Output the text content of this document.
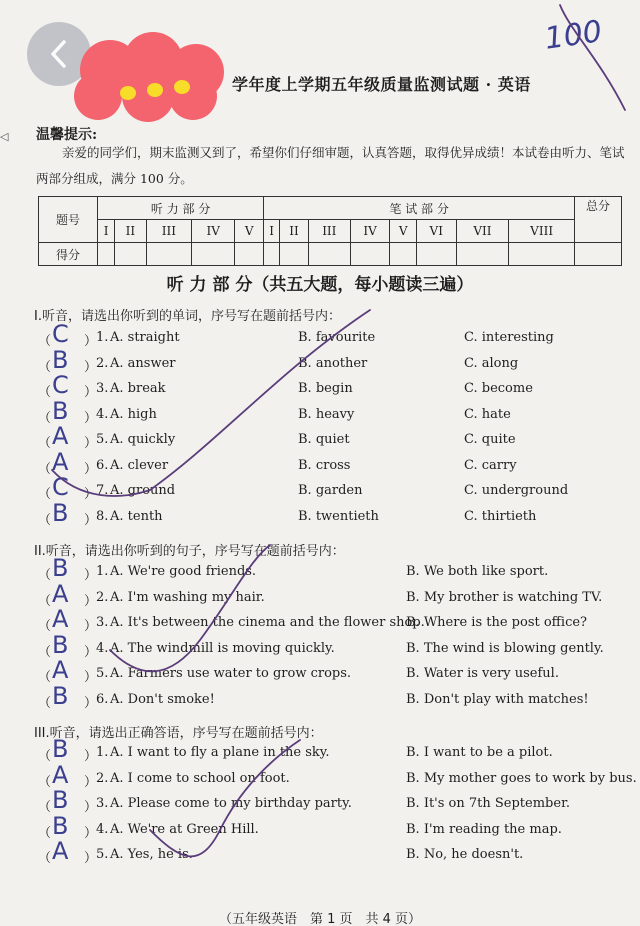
学年度上学期五年级质量监测试题 · 英语
100
◁	温馨提示:
亲爱的同学们，期末监测又到了，希望你们仔细审题，认真答题，取得优异成绩！本试卷由听力、笔试两部分组成，满分 100 分。
题号	听 力 部 分					笔 试 部 分								总分
	I	II	III	IV	V	I	II	III	IV	V	VI	VII	VIII	
得分														
听 力 部 分（共五大题，每小题读三遍）
I.听音，请选出你听到的单词，序号写在题前括号内：
（ C ）
1. A. straight	B. favourite	C. interesting
（ B ）
2. A. answer	B. another	C. along
（ C ）
3. A. break	B. begin	C. become
（ B ）
4. A. high	B. heavy	C. hate
（ A ）
5. A. quickly	B. quiet	C. quite
（ A ）
6. A. clever	B. cross	C. carry
（ C ）
7. A. ground	B. garden	C. underground
（ B ）
8. A. tenth	B. twentieth	C. thirtieth
II.听音，请选出你听到的句子，序号写在题前括号内：
（ B ）
1. A. We're good friends.	B. We both like sport.
（ A ）
2. A. I'm washing my hair.	B. My brother is watching TV.
（ A ）
3. A. It's between the cinema and the flower shop.
B. Where is the post office?
（ B ）
4. A. The windmill is moving quickly.	B. The wind is blowing gently.
（ A ）
5. A. Farmers use water to grow crops.	B. Water is very useful.
（ B ）
6. A. Don't smoke!	B. Don't play with matches!
III.听音，请选出正确答语，序号写在题前括号内：
（ B ）
1. A. I want to fly a plane in the sky.	B. I want to be a pilot.
（ A ）
2. A. I come to school on foot.	B. My mother goes to work by bus.
（ B ）
3. A. Please come to my birthday party.	B. It's on 7th September.
（ B ）
4. A. We're at Green Hill.	B. I'm reading the map.
（ A ）
5. A. Yes, he is.	B. No, he doesn't.
（五年级英语　第 1 页　共 4 页）
